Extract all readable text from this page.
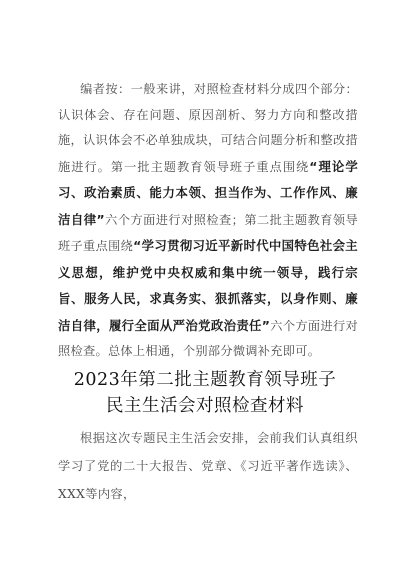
编者按：一般来讲，对照检查材料分成四个部分：认识体会、存在问题、原因剖析、努力方向和整改措施，认识体会不必单独成块，可结合问题分析和整改措施进行。第一批主题教育领导班子重点围绕“理论学习、政治素质、能力本领、担当作为、工作作风、廉洁自律”六个方面进行对照检查；第二批主题教育领导班子重点围绕“学习贯彻习近平新时代中国特色社会主义思想，维护党中央权威和集中统一领导，践行宗旨、服务人民，求真务实、狠抓落实，以身作则、廉洁自律，履行全面从严治党政治责任”六个方面进行对照检查。总体上相通，个别部分微调补充即可。
2023年第二批主题教育领导班子
民主生活会对照检查材料
根据这次专题民主生活会安排，会前我们认真组织学习了党的二十大报告、党章、《习近平著作选读》、XXX等内容，
